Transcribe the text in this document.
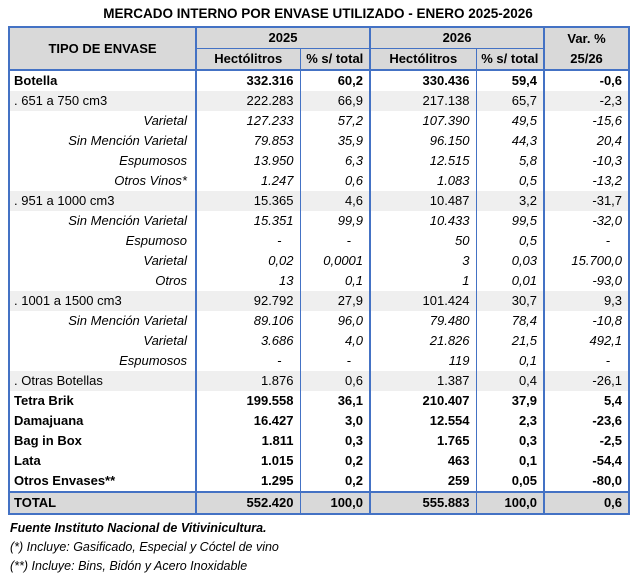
MERCADO INTERNO POR ENVASE UTILIZADO - ENERO 2025-2026
TIPO DE ENVASE	2025		2026		Var. %
25/26

	Hectólitros	% s/ total	Hectólitros	% s/ total	
Botella	332.316	60,2	330.436	59,4	-0,6
. 651 a 750 cm3	222.283	66,9	217.138	65,7	-2,3
Varietal	127.233	57,2	107.390	49,5	-15,6
Sin Mención Varietal	79.853	35,9	96.150	44,3	20,4
Espumosos	13.950	6,3	12.515	5,8	-10,3
Otros Vinos*	1.247	0,6	1.083	0,5	-13,2
. 951 a 1000 cm3	15.365	4,6	10.487	3,2	-31,7
Sin Mención Varietal	15.351	99,9	10.433	99,5	-32,0
Espumoso	-	-	50	0,5	-
Varietal	0,02	0,0001	3	0,03	15.700,0
Otros	13	0,1	1	0,01	-93,0
. 1001 a 1500 cm3	92.792	27,9	101.424	30,7	9,3
Sin Mención Varietal	89.106	96,0	79.480	78,4	-10,8
Varietal	3.686	4,0	21.826	21,5	492,1
Espumosos	-	-	119	0,1	-
. Otras Botellas	1.876	0,6	1.387	0,4	-26,1
Tetra Brik	199.558	36,1	210.407	37,9	5,4
Damajuana	16.427	3,0	12.554	2,3	-23,6
Bag in Box	1.811	0,3	1.765	0,3	-2,5
Lata	1.015	0,2	463	0,1	-54,4
Otros Envases**	1.295	0,2	259	0,05	-80,0
TOTAL	552.420	100,0	555.883	100,0	0,6
Fuente Instituto Nacional de Vitivinicultura.
(*) Incluye: Gasificado, Especial y Cóctel de vino
(**) Incluye: Bins, Bidón y Acero Inoxidable
